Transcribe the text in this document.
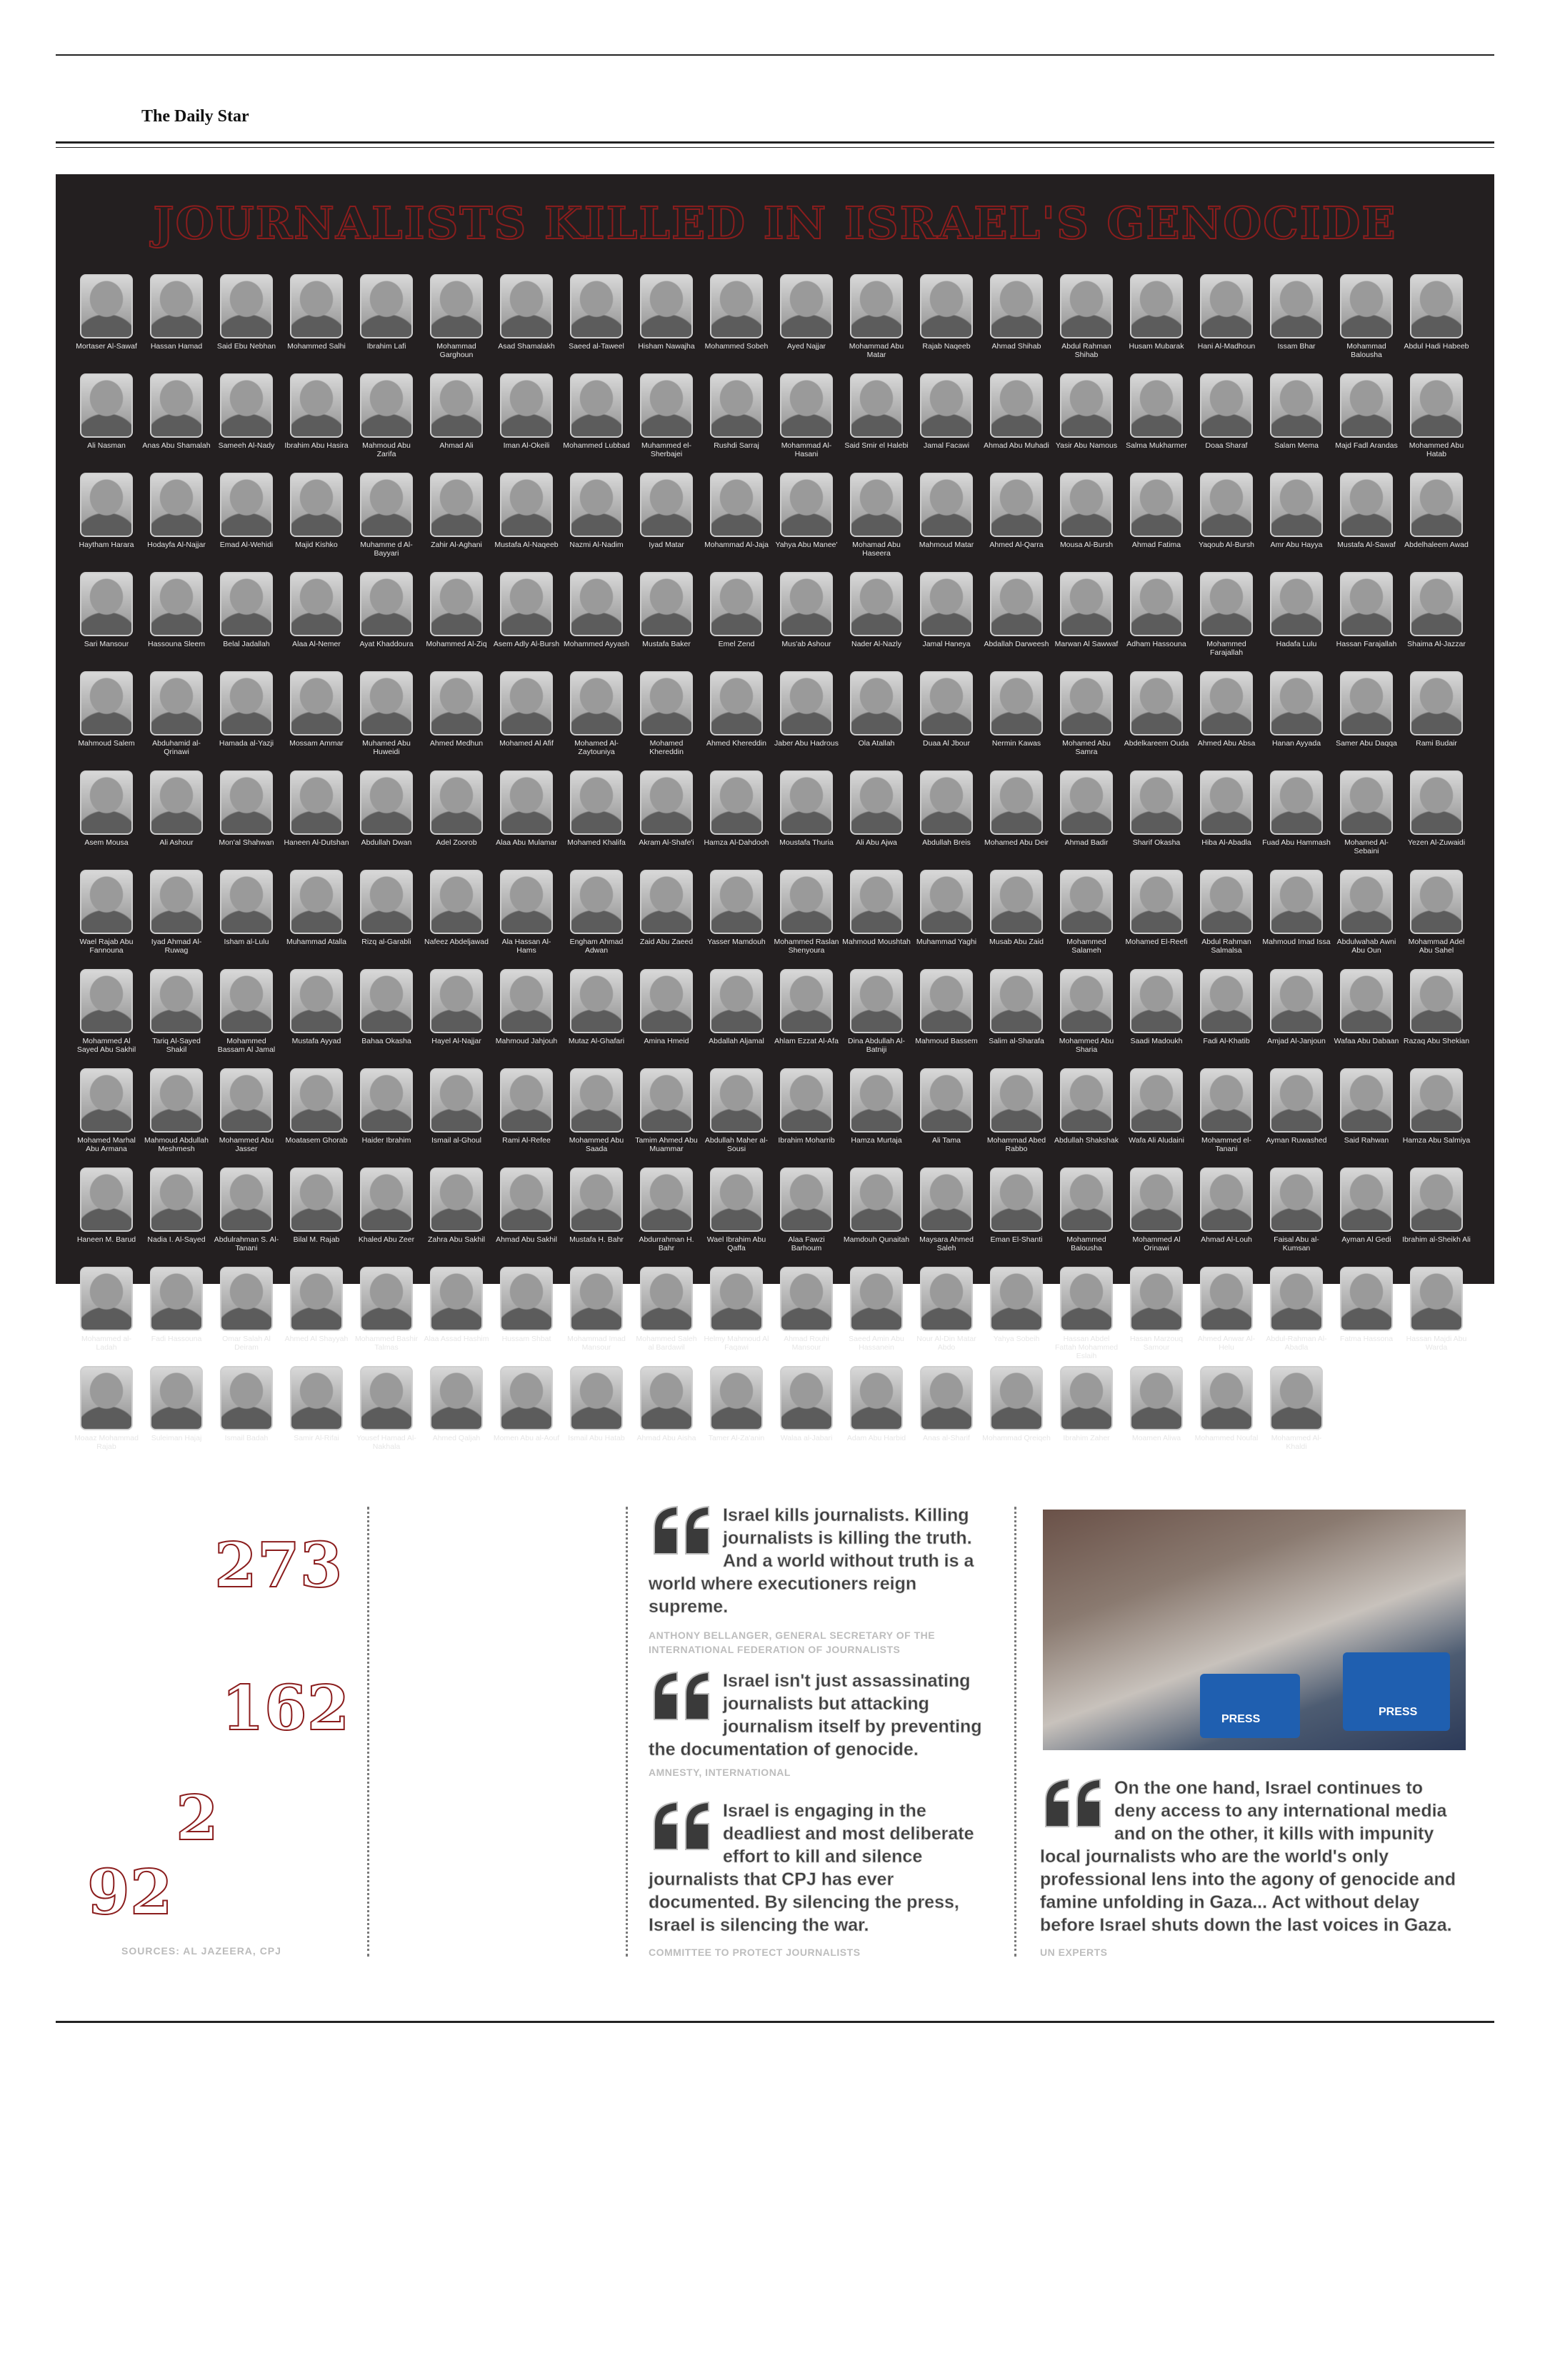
The Daily Star
JOURNALISTS KILLED IN ISRAEL'S GENOCIDE
Mortaser Al-Sawaf	Hassan Hamad	Said Ebu Nebhan	Mohammed Salhi	Ibrahim Lafi	Mohammad Garghoun
Asad Shamalakh	Saeed al-Taweel	Hisham Nawajha	Mohammed Sobeh	Ayed Najjar	Mohammad Abu Matar
Rajab Naqeeb	Ahmad Shihab	Abdul Rahman Shihab
Husam Mubarak	Hani Al-Madhoun	Issam Bhar	Mohammad Balousha
Abdul Hadi Habeeb
Ali Nasman	Anas Abu Shamalah	Sameeh Al-Nady	Ibrahim Abu Hasira	Mahmoud Abu Zarifa
Ahmad Ali	Iman Al-Okeili	Mohammed Lubbad	Muhammed el-Sherbajei
Rushdi Sarraj	Mohammad Al-Hasani
Said Smir el Halebi	Jamal Facawi	Ahmad Abu Muhadi Yasir Abu Namous	Salma Mukharmer	Doaa Sharaf	Salam Mema	Majd Fadl Arandas	Mohammed Abu Hatab
Haytham Harara	Hodayfa Al-Najjar	Emad Al-Wehidi	Majid Kishko	Muhamme d Al-Bayyari
Zahir Al-Aghani	Mustafa Al-Naqeeb	Nazmi Al-Nadim	Iyad Matar	Mohammad Al-Jaja Yahya Abu Manee'	Mohamad Abu Haseera
Mahmoud Matar	Ahmed Al-Qarra	Mousa Al-Bursh	Ahmad Fatima	Yaqoub Al-Bursh	Amr Abu Hayya	Mustafa Al-Sawaf	Abdelhaleem Awad
Sari Mansour	Hassouna Sleem	Belal Jadallah	Alaa Al-Nemer	Ayat Khaddoura	Mohammed Al-Ziq Asem Adly Al-Bursh Mohammed Ayyash	Mustafa Baker	Emel Zend	Mus'ab Ashour	Nader Al-Nazly	Jamal Haneya	Abdallah Darweesh Marwan Al Sawwaf	Adham Hassouna	Mohammed Farajallah
Hadafa Lulu	Hassan Farajallah	Shaima Al-Jazzar
Mahmoud Salem	Abduhamid al-Qrinawi
Hamada al-Yazji	Mossam Ammar	Muhamed Abu Huweidi
Ahmed Medhun	Mohamed Al Afif	Mohamed Al-Zaytouniya
Mohamed Khereddin
Ahmed Khereddin	Jaber Abu Hadrous	Ola Atallah	Duaa Al Jbour	Nermin Kawas	Mohamed Abu Samra
Abdelkareem Ouda	Ahmed Abu Absa	Hanan Ayyada	Samer Abu Daqqa	Rami Budair
Asem Mousa	Ali Ashour	Mon'al Shahwan	Haneen Al-Dutshan	Abdullah Dwan	Adel Zoorob	Alaa Abu Mulamar	Mohamed Khalifa	Akram Al-Shafe'i	Hamza Al-Dahdooh	Moustafa Thuria	Ali Abu Ajwa	Abdullah Breis	Mohamed Abu Deir	Ahmad Badir	Sharif Okasha	Hiba Al-Abadla	Fuad Abu Hammash	Mohamed Al-Sebaini
Yezen Al-Zuwaidi
Wael Rajab Abu Fannouna
Iyad Ahmad Al-Ruwag
Isham al-Lulu	Muhammad Atalla	Rizq al-Garabli	Nafeez Abdeljawad	Ala Hassan Al-Hams
Engham Ahmad Adwan
Zaid Abu Zaeed	Yasser Mamdouh	Mohammed Raslan Shenyoura
Mahmoud Moushtah Muhammad Yaghi	Musab Abu Zaid	Mohammed Salameh
Mohamed El-Reefi	Abdul Rahman Salmalsa
Mahmoud Imad Issa Abdulwahab Awni Abu Oun
Mohammad Adel Abu Sahel
Mohammed Al Sayed Abu Sakhil
Tariq Al-Sayed Shakil
Mohammed Bassam Al Jamal
Mustafa Ayyad	Bahaa Okasha	Hayel Al-Najjar	Mahmoud Jahjouh	Mutaz Al-Ghafari	Amina Hmeid	Abdallah Aljamal	Ahlam Ezzat Al-Afa	Dina Abdullah Al-Batniji
Mahmoud Bassem	Salim al-Sharafa	Mohammed Abu Sharia
Saadi Madoukh	Fadi Al-Khatib	Amjad Al-Janjoun	Wafaa Abu Dabaan Razaq Abu Shekian
Mohamed Marhal Abu Armana
Mahmoud Abdullah Meshmesh
Mohammed Abu Jasser
Moatasem Ghorab	Haider Ibrahim	Ismail al-Ghoul	Rami Al-Refee	Mohammed Abu Saada
Tamim Ahmed Abu Muammar
Abdullah Maher al-Sousi
Ibrahim Moharrib	Hamza Murtaja	Ali Tama	Mohammad Abed Rabbo
Abdullah Shakshak	Wafa Ali Aludaini	Mohammed el-Tanani
Ayman Ruwashed	Said Rahwan	Hamza Abu Salmiya
Haneen M. Barud	Nadia I. Al-Sayed	Abdulrahman S. Al-Tanani
Bilal M. Rajab	Khaled Abu Zeer	Zahra Abu Sakhil	Ahmad Abu Sakhil	Mustafa H. Bahr	Abdurrahman H. Bahr
Wael Ibrahim Abu Qaffa
Alaa Fawzi Barhoum
Mamdouh Qunaitah	Maysara Ahmed Saleh
Eman El-Shanti	Mohammed Balousha
Mohammed Al Orinawi
Ahmad Al-Louh	Faisal Abu al-Kumsan
Ayman Al Gedi	Ibrahim al-Sheikh Ali
Mohammed al-Ladah
Fadi Hassouna	Omar Salah Al Deiram
Ahmed Al Shayyah Mohammed Bashir Talmas
Alaa Assad Hashim	Hussam Shbat	Mohammad Imad Mansour
Mohammed Saleh al Bardawil
Helmy Mahmoud Al Faqawi
Ahmad Rouhi Mansour
Saeed Amin Abu Hassanein
Nour Al-Din Matar Abdo
Yahya Sobeih	Hassan Abdel Fattah Mohammed Eslaih
Hasan Marzouq Samour
Ahmed Anwar Al-Helu
Abdul-Rahman Al-Abadla
Fatma Hassona	Hassan Majdi Abu Warda
Moaaz Mohammad Rajab
Suleiman Hajaj	Ismail Badah	Samir Al-Rifai	Yousef Hamad Al-Nakhala
Ahmed Qaljah	Momen Abu al-Aouf	Ismail Abu Hatab	Ahmad Abu Aisha	Tamer Al-Za'anin	Walaa al-Jabari	Adam Abu Harbid	Anas al-Sharif	Mohammad Qreiqeh	Ibrahim Zaher	Moamen Aliwa	Mohammed Noufal	Mohammed Al-Khaldi
273
162
2
92
SOURCES: AL JAZEERA, CPJ
Israel kills journalists. Killing journalists is killing the truth. And a world without truth is a world where executioners reign supreme.
ANTHONY BELLANGER, GENERAL SECRETARY OF THE INTERNATIONAL FEDERATION OF JOURNALISTS
Israel isn't just assassinating journalists but attacking journalism itself by preventing the documentation of genocide.
AMNESTY, INTERNATIONAL
Israel is engaging in the deadliest and most deliberate effort to kill and silence journalists that CPJ has ever documented. By silencing the press, Israel is silencing the war.
COMMITTEE TO PROTECT JOURNALISTS
PRESS
PRESS
On the one hand, Israel continues to deny access to any international media and on the other, it kills with impunity local journalists who are the world's only professional lens into the agony of genocide and famine unfolding in Gaza... Act without delay before Israel shuts down the last voices in Gaza.
UN EXPERTS
